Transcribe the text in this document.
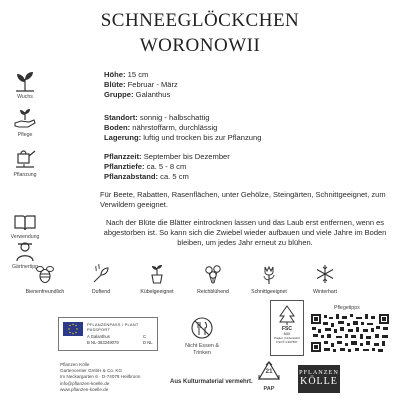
SCHNEEGLÖCKCHEN
WORONOWII
Wuchs
Pflege
Pflanzung
Verwendung
Gärtnertipp
Höhe: 15 cm
Blüte: Februar - März
Gruppe: Galanthus
Standort: sonnig - halbschattig
Boden: nährstoffarm, durchlässig
Lagerung: luftig und trocken bis zur Pflanzung
Pflanzzeit: September bis Dezember
Pflanztiefe: ca. 5 - 8 cm
Pflanzabstand: ca. 5 cm
Für Beete, Rabatten, Rasenflächen, unter Gehölze, Steingärten, Schnittgeeignet, zum Verwildern geeignet.
Nach der Blüte die Blätter eintrocknen lassen und das Laub erst entfernen, wenn es abgestorben ist. So kann sich die Zwiebel wieder aufbauen und viele Jahre im Boden bleiben, um jedes Jahr erneut zu blühen.
Bienenfreundlich	Duftend	Kübelgeeignet	Reichblühend	Schnittgeeignet	Winterhart
PFLANZENPASS / PLANT PASSPORT
A Galanthus
B NL-363249079
C
D NL
Nicht Essen & Trinken
FSC
MIX
Papier | Unterstützt
FSC® C107567
Pflegetipps
Pflanzen Kölle
Gartencenter GmbH & Co. KG
Im Neckargarten 6 · D-74078 Heilbronn
info@pflanzen-koelle.de
www.pflanzen-koelle.de
Aus Kulturmaterial vermehrt.
21
PAP
PFLANZEN
KÖLLE
